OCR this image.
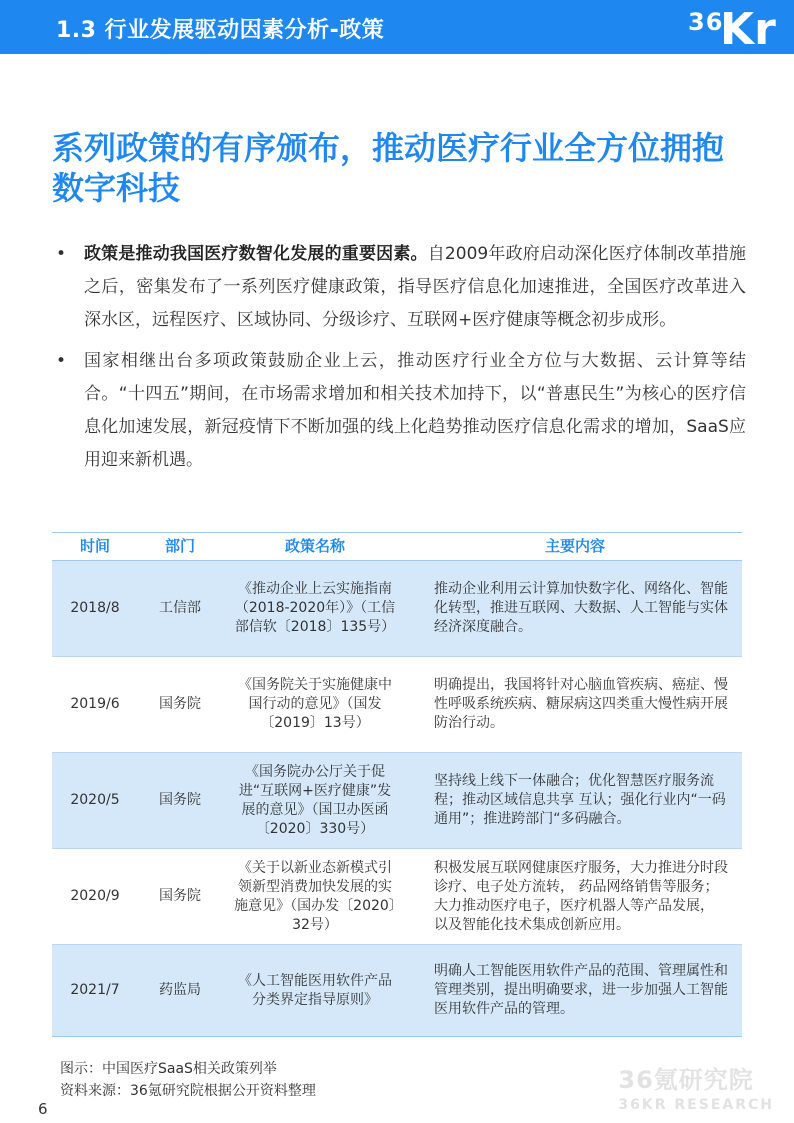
1.3 行业发展驱动因素分析-政策	36
Kr
系列政策的有序颁布，推动医疗行业全方位拥抱数字科技

• 政策是推动我国医疗数智化发展的重要因素。自2009年政府启动深化医疗体制改革措施之后，密集发布了一系列医疗健康政策，指导医疗信息化加速推进，全国医疗改革进入深水区，远程医疗、区域协同、分级诊疗、互联网+医疗健康等概念初步成形。

• 国家相继出台多项政策鼓励企业上云，推动医疗行业全方位与大数据、云计算等结合。“十四五”期间，在市场需求增加和相关技术加持下，以“普惠民生”为核心的医疗信息化加速发展，新冠疫情下不断加强的线上化趋势推动医疗信息化需求的增加，SaaS应用迎来新机遇。

时间	部门	政策名称	主要内容
2018/8	工信部	《推动企业上云实施指南（2018-2020年）》（工信部信软〔2018〕135号）	推动企业利用云计算加快数字化、网络化、智能化转型，推进互联网、大数据、人工智能与实体经济深度融合。
2019/6	国务院	《国务院关于实施健康中国行动的意见》（国发〔2019〕13号）	明确提出，我国将针对心脑血管疾病、癌症、慢性呼吸系统疾病、糖尿病这四类重大慢性病开展防治行动。
2020/5	国务院	《国务院办公厅关于促进“互联网+医疗健康”发展的意见》（国卫办医函〔2020〕330号）	坚持线上线下一体融合；优化智慧医疗服务流程；推动区域信息共享 互认；强化行业内“一码通用”；推进跨部门“多码融合。
2020/9	国务院	《关于以新业态新模式引领新型消费加快发展的实施意见》（国办发〔2020〕32号）	积极发展互联网健康医疗服务，大力推进分时段诊疗、电子处方流转， 药品网络销售等服务；大力推动医疗电子，医疗机器人等产品发展， 以及智能化技术集成创新应用。
2021/7	药监局	《人工智能医用软件产品分类界定指导原则》	明确人工智能医用软件产品的范围、管理属性和管理类别，提出明确要求，进一步加强人工智能医用软件产品的管理。
图示：中国医疗SaaS相关政策列举
资料来源：36氪研究院根据公开资料整理
6
36氪研究院
36KR RESEARCH
